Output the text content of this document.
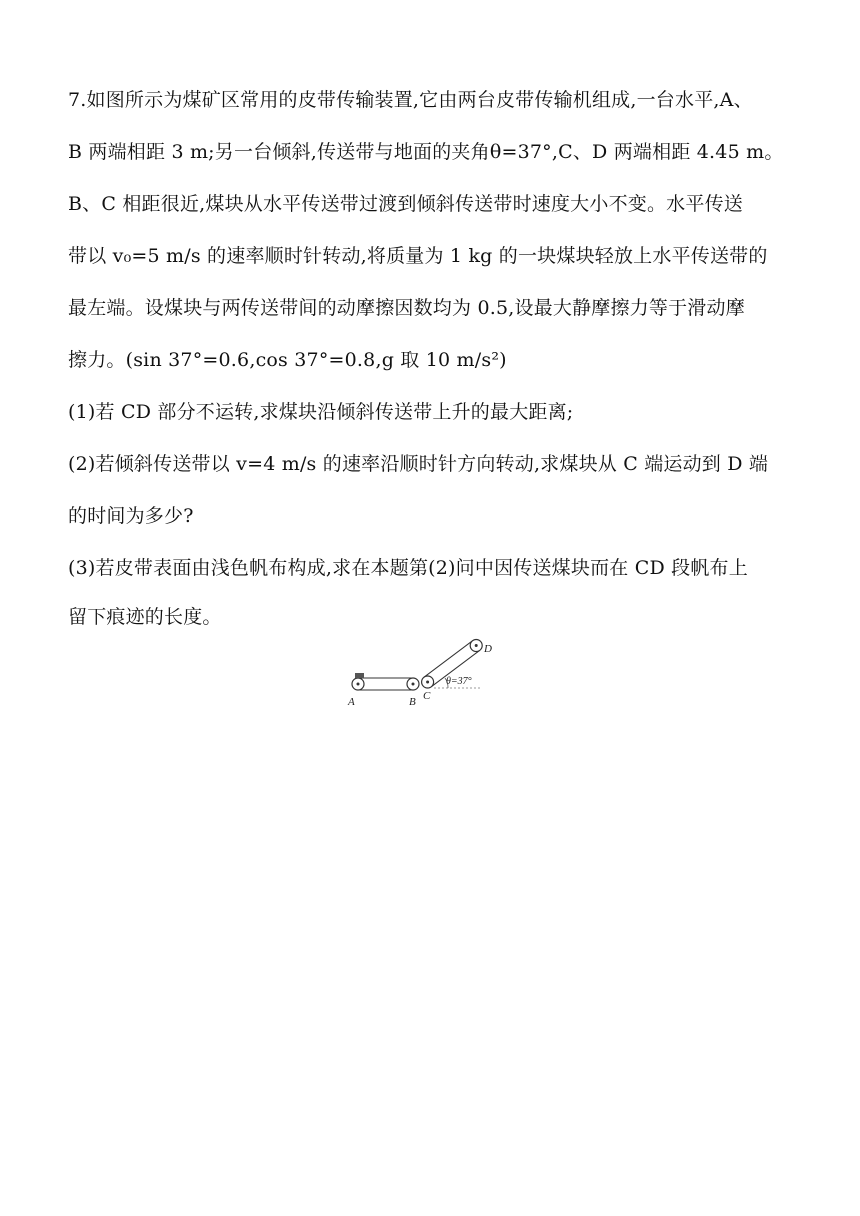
7.如图所示为煤矿区常用的皮带传输装置,它由两台皮带传输机组成,一台水平,A、
B 两端相距 3 m;另一台倾斜,传送带与地面的夹角θ=37°,C、D 两端相距 4.45 m。
B、C 相距很近,煤块从水平传送带过渡到倾斜传送带时速度大小不变。水平传送
带以 v₀=5 m/s 的速率顺时针转动,将质量为 1 kg 的一块煤块轻放上水平传送带的
最左端。设煤块与两传送带间的动摩擦因数均为 0.5,设最大静摩擦力等于滑动摩
擦力。(sin 37°=0.6,cos 37°=0.8,g 取 10 m/s²)
(1)若 CD 部分不运转,求煤块沿倾斜传送带上升的最大距离;
(2)若倾斜传送带以 v=4 m/s 的速率沿顺时针方向转动,求煤块从 C 端运动到 D 端
的时间为多少?
(3)若皮带表面由浅色帆布构成,求在本题第(2)问中因传送煤块而在 CD 段帆布上
留下痕迹的长度。
A	B C
D
θ=37°
